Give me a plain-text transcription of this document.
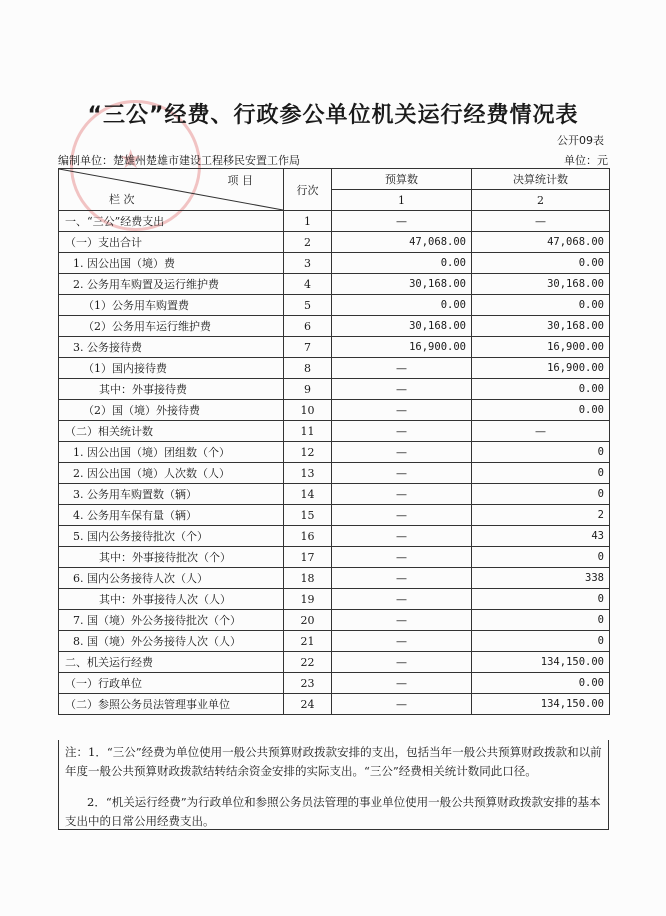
★
“三公”经费、行政参公单位机关运行经费情况表
公开09表
编制单位：楚雄州楚雄市建设工程移民安置工作局	单位：元
项 目
栏 次	行次	预算数	决算统计数
		1	2
一、“三公”经费支出	1	—	—
（一）支出合计	2	47,068.00	47,068.00
1. 因公出国（境）费	3	0.00	0.00
2. 公务用车购置及运行维护费	4	30,168.00	30,168.00
（1）公务用车购置费	5	0.00	0.00
（2）公务用车运行维护费	6	30,168.00	30,168.00
3. 公务接待费	7	16,900.00	16,900.00
（1）国内接待费	8	—	16,900.00
其中：外事接待费	9	—	0.00
（2）国（境）外接待费	10	—	0.00
（二）相关统计数	11	—	—
1. 因公出国（境）团组数（个）	12	—	0
2. 因公出国（境）人次数（人）	13	—	0
3. 公务用车购置数（辆）	14	—	0
4. 公务用车保有量（辆）	15	—	2
5. 国内公务接待批次（个）	16	—	43
其中：外事接待批次（个）	17	—	0
6. 国内公务接待人次（人）	18	—	338
其中：外事接待人次（人）	19	—	0
7. 国（境）外公务接待批次（个）	20	—	0
8. 国（境）外公务接待人次（人）	21	—	0
二、机关运行经费	22	—	134,150.00
（一）行政单位	23	—	0.00
（二）参照公务员法管理事业单位	24	—	134,150.00

注：1．“三公”经费为单位使用一般公共预算财政拨款安排的支出，包括当年一般公共预算财政拨款和以前年度一般公共预算财政拨款结转结余资金安排的实际支出。“三公”经费相关统计数同此口径。

2．“机关运行经费”为行政单位和参照公务员法管理的事业单位使用一般公共预算财政拨款安排的基本支出中的日常公用经费支出。
